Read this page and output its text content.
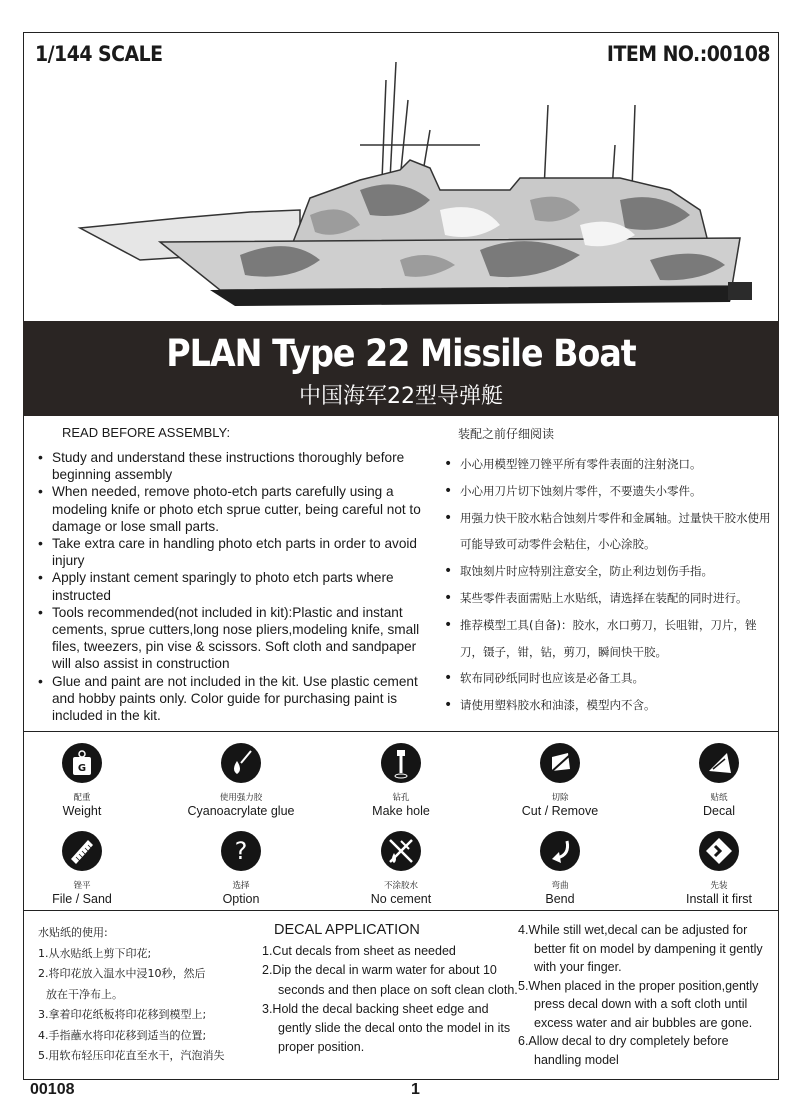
1/144 SCALE	ITEM NO.:00108
PLAN Type 22 Missile Boat
中国海军22型导弹艇
READ BEFORE ASSEMBLY:
• Study and understand these instructions thoroughly before beginning assembly
• When needed, remove photo-etch parts carefully using a modeling knife or photo etch sprue cutter, being careful not to damage or lose small parts.
• Take extra care in handling photo etch parts in order to avoid injury
• Apply instant cement sparingly to photo etch parts where instructed
• Tools recommended(not included in kit):Plastic and instant cements, sprue cutters,long nose pliers,modeling knife, small files, tweezers, pin vise & scissors. Soft cloth and sandpaper will also assist in construction
• Glue and paint are not included in the kit. Use plastic cement and hobby paints only. Color guide for purchasing paint is included in the kit.
装配之前仔细阅读
• 小心用模型锉刀锉平所有零件表面的注射浇口。
• 小心用刀片切下蚀刻片零件，不要遗失小零件。
• 用强力快干胶水粘合蚀刻片零件和金属轴。过量快干胶水使用可能导致可动零件会粘住，小心涂胶。
• 取蚀刻片时应特别注意安全，防止利边划伤手指。
• 某些零件表面需贴上水贴纸，请选择在装配的同时进行。
• 推荐模型工具(自备)：胶水，水口剪刀，长咀钳，刀片，锉刀，镊子，钳，钻，剪刀，瞬间快干胶。
• 软布同砂纸同时也应该是必备工具。
• 请使用塑料胶水和油漆，模型内不含。
G
配重
Weight
使用强力胶
Cyanoacrylate glue
钻孔
Make hole
切除
Cut / Remove
贴纸
Decal
锉平
File / Sand
?
选择
Option
不涂胶水
No cement
弯曲
Bend
先装
Install it first
水贴纸的使用:
1.从水贴纸上剪下印花;
2.将印花放入温水中浸10秒，然后
放在干净布上。
3.拿着印花纸板将印花移到模型上;
4.手指蘸水将印花移到适当的位置;
5.用软布轻压印花直至水干，汽泡消失
DECAL APPLICATION
1.Cut decals from sheet as needed
2.Dip the decal in warm water for about 10 seconds and then place on soft clean cloth.
3.Hold the decal backing sheet edge and gently slide the decal onto the model in its proper position.
4.While still wet,decal can be adjusted for better fit on model by dampening it gently with your finger.
5.When placed in the proper position,gently press decal down with a soft cloth until excess water and air bubbles are gone.
6.Allow decal to dry completely before handling model
00108	1
